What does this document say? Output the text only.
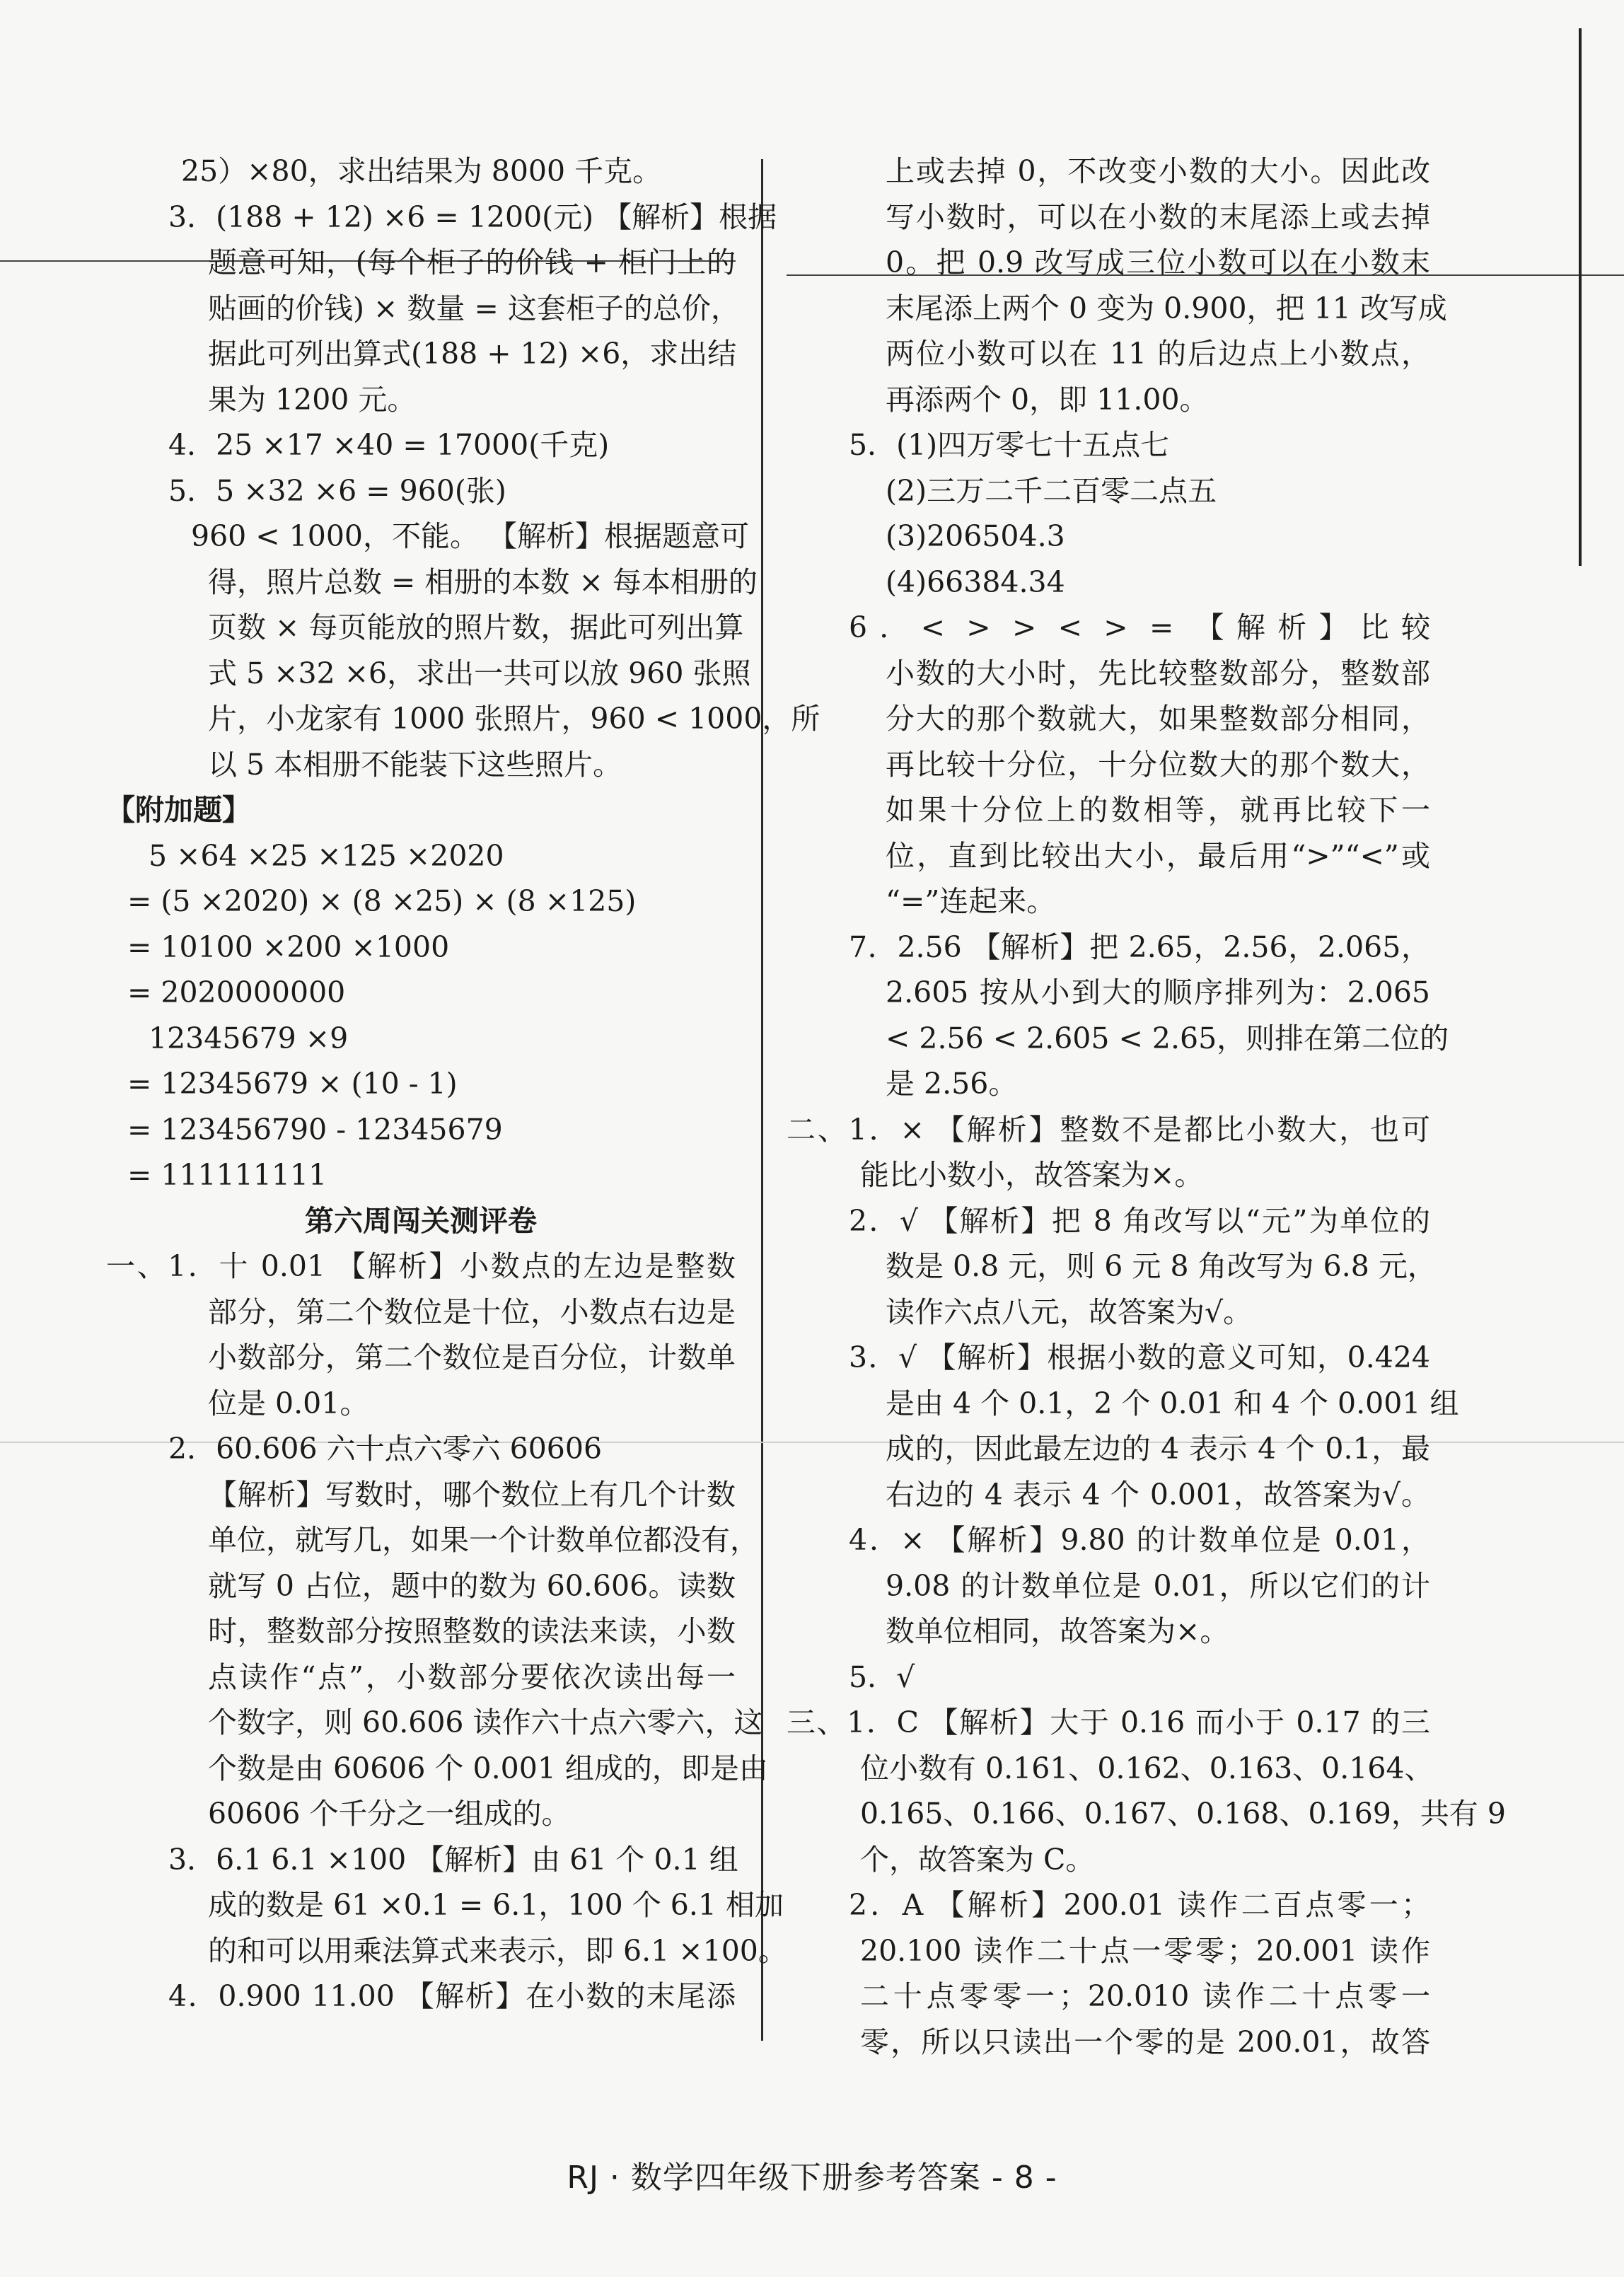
25）×80，求出结果为 8000 千克。
3．(188 + 12) ×6 = 1200(元) 【解析】根据
题意可知，(每个柜子的价钱 + 柜门上的
贴画的价钱) × 数量 = 这套柜子的总价，
据此可列出算式(188 + 12) ×6，求出结
果为 1200 元。
4．25 ×17 ×40 = 17000(千克)
5．5 ×32 ×6 = 960(张)
960 < 1000，不能。 【解析】根据题意可
得，照片总数 = 相册的本数 × 每本相册的
页数 × 每页能放的照片数，据此可列出算
式 5 ×32 ×6，求出一共可以放 960 张照
片，小龙家有 1000 张照片，960 < 1000，所
以 5 本相册不能装下这些照片。
【附加题】
5 ×64 ×25 ×125 ×2020
= (5 ×2020) × (8 ×25) × (8 ×125)
= 10100 ×200 ×1000
= 2020000000
12345679 ×9
= 12345679 × (10 - 1)
= 123456790 - 12345679
= 111111111
第六周闯关测评卷
一、1．十 0.01 【解析】小数点的左边是整数
部分，第二个数位是十位，小数点右边是
小数部分，第二个数位是百分位，计数单
位是 0.01。
2．60.606 六十点六零六 60606
【解析】写数时，哪个数位上有几个计数
单位，就写几，如果一个计数单位都没有，
就写 0 占位，题中的数为 60.606。读数
时，整数部分按照整数的读法来读，小数
点读作“点”，小数部分要依次读出每一
个数字，则 60.606 读作六十点六零六，这
个数是由 60606 个 0.001 组成的，即是由
60606 个千分之一组成的。
3．6.1 6.1 ×100 【解析】由 61 个 0.1 组
成的数是 61 ×0.1 = 6.1，100 个 6.1 相加
的和可以用乘法算式来表示，即 6.1 ×100。
4．0.900 11.00 【解析】在小数的末尾添
上或去掉 0，不改变小数的大小。因此改
写小数时，可以在小数的末尾添上或去掉
0。把 0.9 改写成三位小数可以在小数末
末尾添上两个 0 变为 0.900，把 11 改写成
两位小数可以在 11 的后边点上小数点，
再添两个 0，即 11.00。
5．(1)四万零七十五点七
(2)三万二千二百零二点五
(3)206504.3
(4)66384.34
6．< > > < > = 【解析】比较
小数的大小时，先比较整数部分，整数部
分大的那个数就大，如果整数部分相同，
再比较十分位，十分位数大的那个数大，
如果十分位上的数相等，就再比较下一
位，直到比较出大小，最后用“>”“<”或
“=”连起来。
7．2.56 【解析】把 2.65，2.56，2.065，
2.605 按从小到大的顺序排列为：2.065
< 2.56 < 2.605 < 2.65，则排在第二位的
是 2.56。
二、1．× 【解析】整数不是都比小数大，也可
能比小数小，故答案为×。
2．√ 【解析】把 8 角改写以“元”为单位的
数是 0.8 元，则 6 元 8 角改写为 6.8 元，
读作六点八元，故答案为√。
3．√ 【解析】根据小数的意义可知，0.424
是由 4 个 0.1，2 个 0.01 和 4 个 0.001 组
成的，因此最左边的 4 表示 4 个 0.1，最
右边的 4 表示 4 个 0.001，故答案为√。
4．× 【解析】9.80 的计数单位是 0.01，
9.08 的计数单位是 0.01，所以它们的计
数单位相同，故答案为×。
5．√
三、1．C 【解析】大于 0.16 而小于 0.17 的三
位小数有 0.161、0.162、0.163、0.164、
0.165、0.166、0.167、0.168、0.169，共有 9
个，故答案为 C。
2．A 【解析】200.01 读作二百点零一；
20.100 读作二十点一零零；20.001 读作
二十点零零一；20.010 读作二十点零一
零，所以只读出一个零的是 200.01，故答
RJ · 数学四年级下册参考答案 - 8 -
